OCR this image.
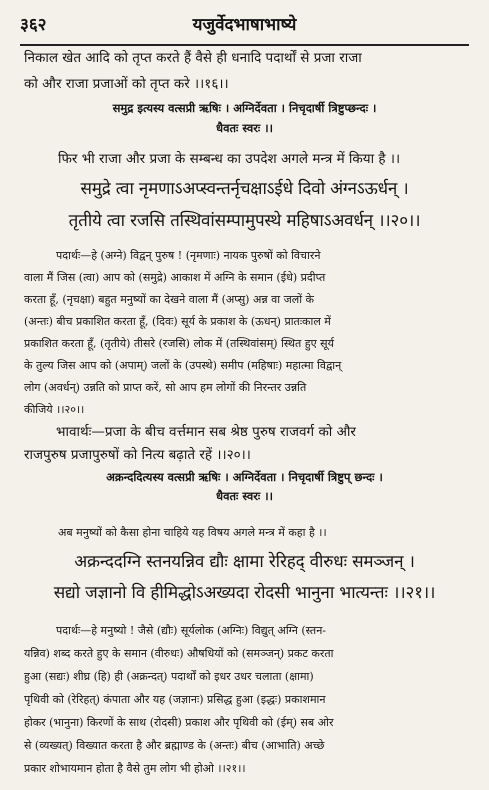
३६२	यजुर्वेदभाषाभाष्ये
निकाल खेत आदि को तृप्त करते हैं वैसे ही धनादि पदार्थों से प्रजा राजा
को और राजा प्रजाओं को तृप्त करे ।।१६।।
समुद्र इत्यस्य वत्सप्री ऋषिः । अग्निर्देवता । निचृदार्षी त्रिष्टुप्छन्दः ।
धैवतः स्वरः ।।
फिर भी राजा और प्रजा के सम्बन्ध का उपदेश अगले मन्त्र में किया है ।।
समुद्रे त्वा नृमणाऽअप्स्वन्तर्नृचक्षाऽईधे दिवो अंग्नऽऊर्धन् ।
तृतीये त्वा रजसि तस्थिवांसम्पामुपस्थे महिषाऽअवर्धन् ।।२०।।
पदार्थः—हे (अग्ने) विद्वन् पुरुष ! (नृमणाः) नायक पुरुषों को विचारने
वाला मैं जिस (त्वा) आप को (समुद्रे) आकाश में अग्नि के समान (ईधे) प्रदीप्त
करता हूँ, (नृचक्षा) बहुत मनुष्यों का देखने वाला मैं (अप्सु) अन्न वा जलों के
(अन्तः) बीच प्रकाशित करता हूँ, (दिवः) सूर्य के प्रकाश के (ऊधन्) प्रातःकाल में
प्रकाशित करता हूँ, (तृतीये) तीसरे (रजसि) लोक में (तस्थिवांसम्) स्थित हुए सूर्य
के तुल्य जिस आप को (अपाम्) जलों के (उपस्थे) समीप (महिषाः) महात्मा विद्वान्
लोग (अवर्धन्) उन्नति को प्राप्त करें, सो आप हम लोगों की निरन्तर उन्नति
कीजिये ।।२०।।
भावार्थः—प्रजा के बीच वर्त्तमान सब श्रेष्ठ पुरुष राजवर्ग को और
राजपुरुष प्रजापुरुषों को नित्य बढ़ाते रहें ।।२०।।
अक्रन्ददित्यस्य वत्सप्री ऋषिः । अग्निर्देवता । निचृदार्षी त्रिष्टुप् छन्दः ।
धैवतः स्वरः ।।
अब मनुष्यों को कैसा होना चाहिये यह विषय अगले मन्त्र में कहा है ।।
अक्रन्ददग्नि स्तनयन्निव द्यौः क्षामा रेरिहद् वीरुधः समञ्जन् ।
सद्यो जज्ञानो वि हीमिद्धोऽअख्यदा रोदसी भानुना भात्यन्तः ।।२१।।
पदार्थः—हे मनुष्यो ! जैसे (द्यौः) सूर्यलोक (अग्निः) विद्युत् अग्नि (स्तन-
यन्निव) शब्द करते हुए के समान (वीरुधः) औषधियों को (समञ्जन्) प्रकट करता
हुआ (सद्यः) शीघ्र (हि) ही (अक्रन्दत्) पदार्थों को इधर उधर चलाता (क्षामा)
पृथिवी को (रेरिहत्) कंपाता और यह (जज्ञानः) प्रसिद्ध हुआ (इद्धः) प्रकाशमान
होकर (भानुना) किरणों के साथ (रोदसी) प्रकाश और पृथिवी को (ईम्) सब ओर
से (व्यख्यत्) विख्यात करता है और ब्रह्माण्ड के (अन्तः) बीच (आभाति) अच्छे
प्रकार शोभायमान होता है वैसे तुम लोग भी होओ ।।२१।।
